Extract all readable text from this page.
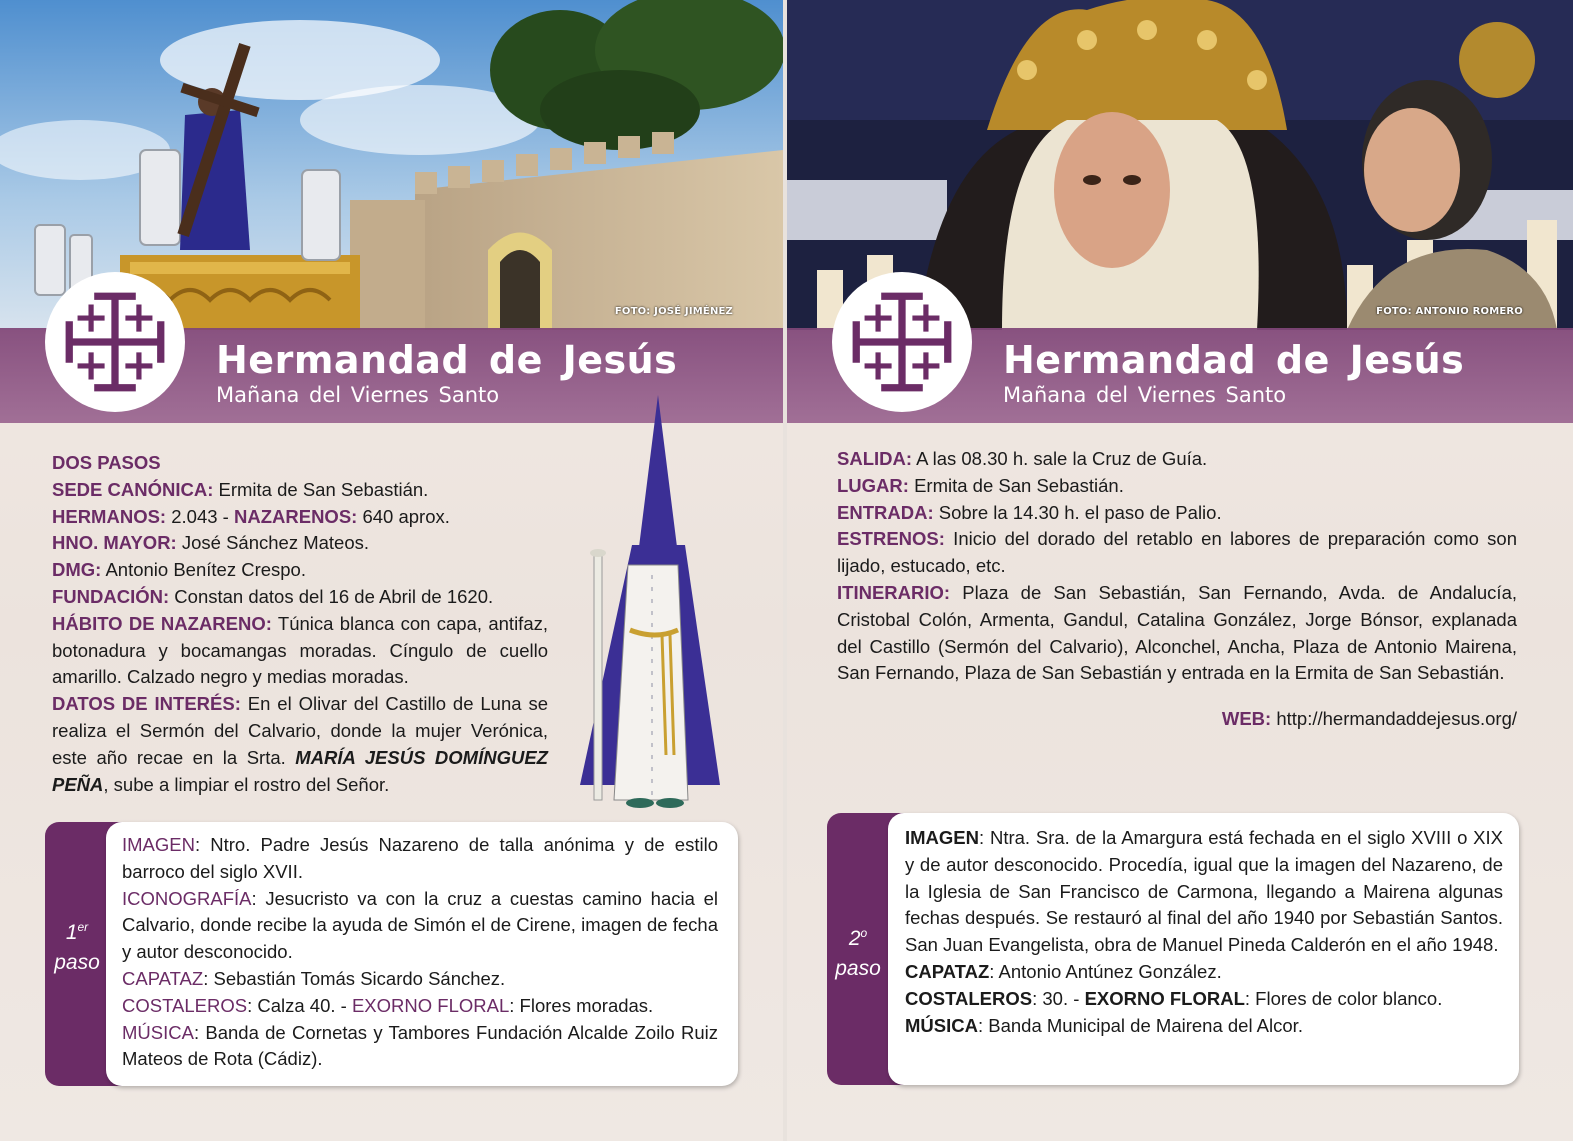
FOTO: JOSÉ JIMÉNEZ
Hermandad de Jesús
Mañana del Viernes Santo
DOS PASOS
SEDE CANÓNICA: Ermita de San Sebastián.
HERMANOS: 2.043 - NAZARENOS: 640 aprox.
HNO. MAYOR: José Sánchez Mateos.
DMG: Antonio Benítez Crespo.
FUNDACIÓN: Constan datos del 16 de Abril de 1620.
HÁBITO DE NAZARENO: Túnica blanca con capa, antifaz, botonadura y bocamangas moradas. Cíngulo de cuello amarillo. Calzado negro y medias moradas.
DATOS DE INTERÉS: En el Olivar del Castillo de Luna se realiza el Sermón del Calvario, donde la mujer Verónica, este año recae en la Srta. MARÍA JESÚS DOMÍNGUEZ PEÑA, sube a limpiar el rostro del Señor.
1er
paso
IMAGEN: Ntro. Padre Jesús Nazareno de talla anónima y de estilo barroco del siglo XVII.
ICONOGRAFÍA: Jesucristo va con la cruz a cuestas camino hacia el Calvario, donde recibe la ayuda de Simón el de Cirene, imagen de fecha y autor desconocido.
CAPATAZ: Sebastián Tomás Sicardo Sánchez.
COSTALEROS: Calza 40. - EXORNO FLORAL: Flores moradas.
MÚSICA: Banda de Cornetas y Tambores Fundación Alcalde Zoilo Ruiz Mateos de Rota (Cádiz).
FOTO: ANTONIO ROMERO
Hermandad de Jesús
Mañana del Viernes Santo
SALIDA: A las 08.30 h. sale la Cruz de Guía.
LUGAR: Ermita de San Sebastián.
ENTRADA: Sobre la 14.30 h. el paso de Palio.
ESTRENOS: Inicio del dorado del retablo en labores de preparación como son lijado, estucado, etc.
ITINERARIO: Plaza de San Sebastián, San Fernando, Avda. de Andalucía, Cristobal Colón, Armenta, Gandul, Catalina González, Jorge Bónsor, explanada del Castillo (Sermón del Calvario), Alconchel, Ancha, Plaza de Antonio Mairena, San Fernando, Plaza de San Sebastián y entrada en la Ermita de San Sebastián.
WEB: http://hermandaddejesus.org/
2$^o$
paso
IMAGEN: Ntra. Sra. de la Amargura está fechada en el siglo XVIII o XIX y de autor desconocido. Procedía, igual que la imagen del Nazareno, de la Iglesia de San Francisco de Carmona, llegando a Mairena algunas fechas después. Se restauró al final del año 1940 por Sebastián Santos. San Juan Evangelista, obra de Manuel Pineda Calderón en el año 1948.
CAPATAZ: Antonio Antúnez González.
COSTALEROS: 30. - EXORNO FLORAL: Flores de color blanco.
MÚSICA: Banda Municipal de Mairena del Alcor.
